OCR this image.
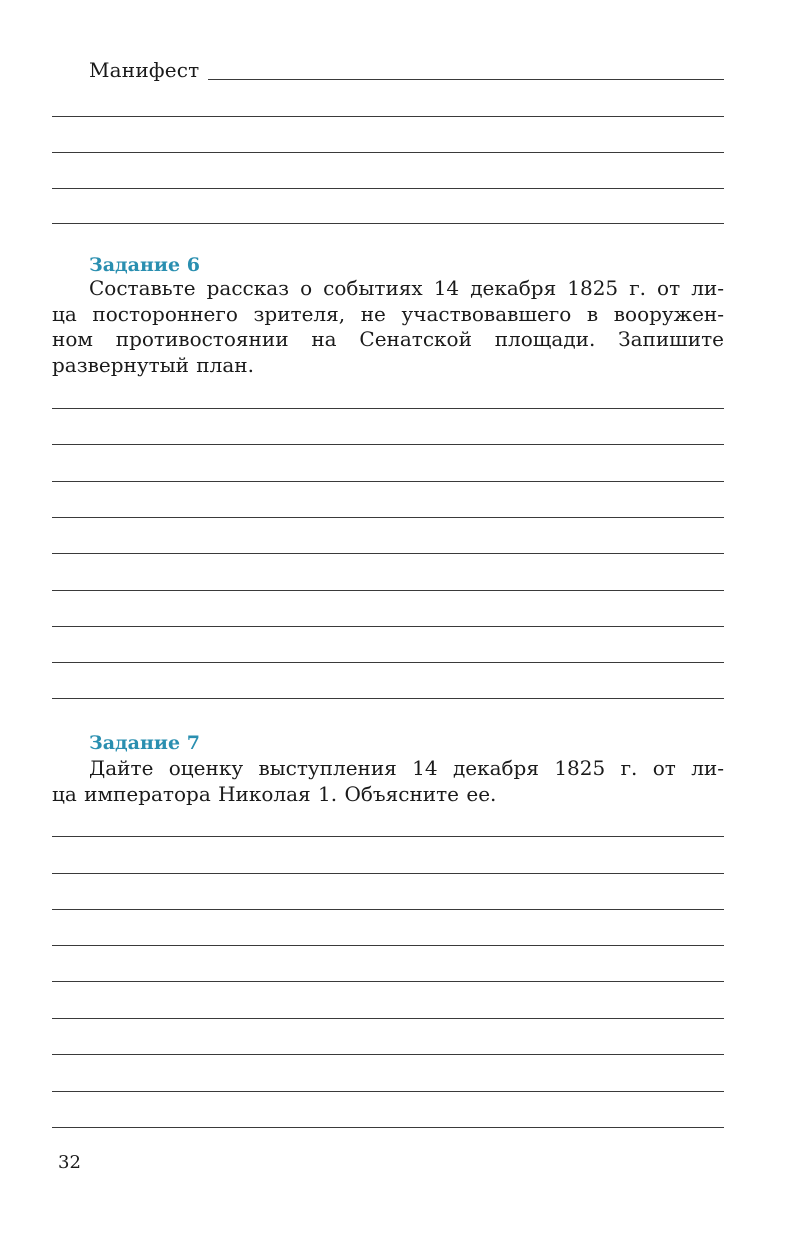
Манифест
Задание 6
Составьте рассказ о событиях 14 декабря 1825 г. от ли-
ца постороннего зрителя, не участвовавшего в вооружен-
ном противостоянии на Сенатской площади. Запишите
развернутый план.
Задание 7
Дайте оценку выступления 14 декабря 1825 г. от ли-
ца императора Николая 1. Объясните ее.
32
